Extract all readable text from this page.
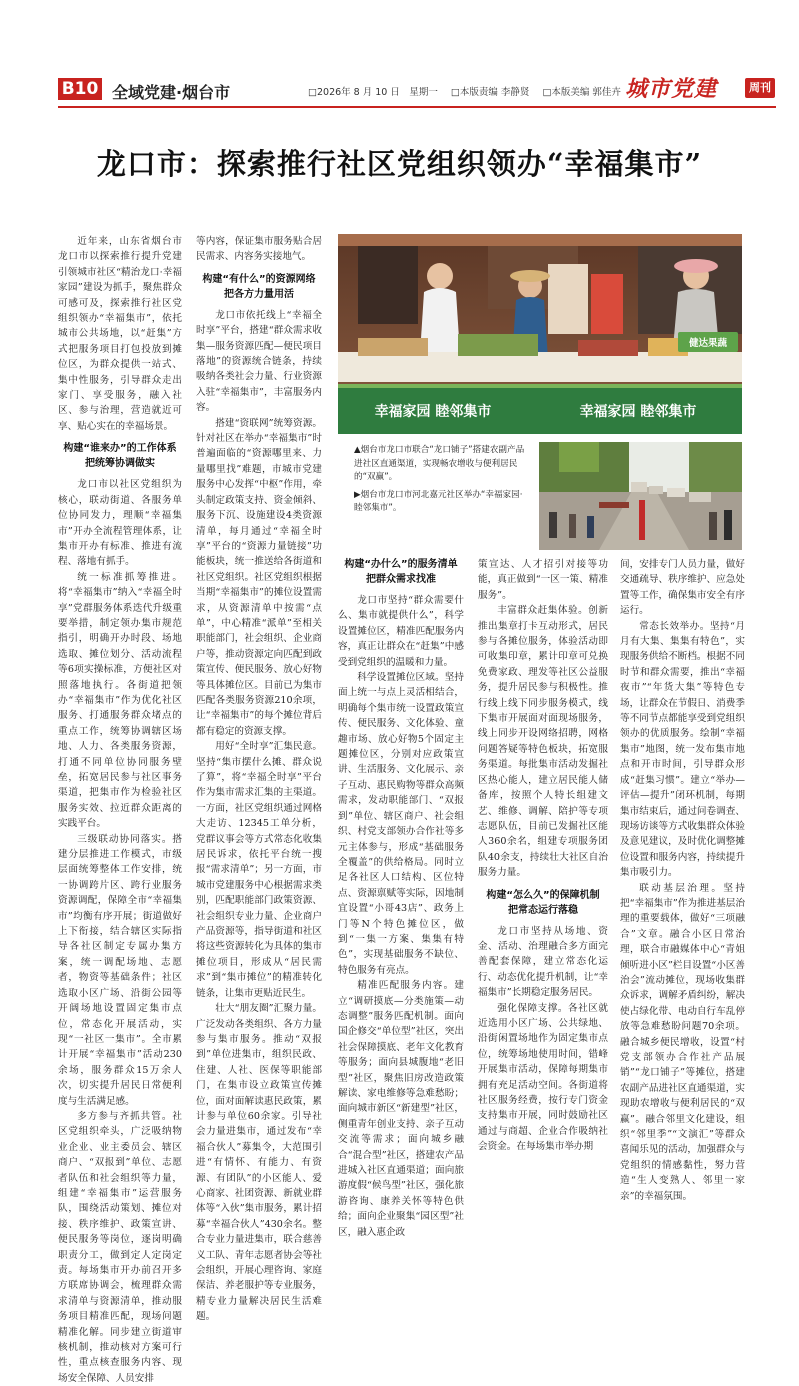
B10 全域党建·烟台市	□2026年 8 月 10 日　星期一 □本版责编 李静贤 □本版美编 郭佳卉 城市党建	周刊
龙口市：探索推行社区党组织领办“幸福集市”

近年来，山东省烟台市龙口市以探索推行提升党建引领城市社区“精治龙口·幸福家园”建设为抓手，聚焦群众可感可及，探索推行社区党组织领办“幸福集市”，依托城市公共场地，以“赶集”方式把服务项目打包投放到摊位区，为群众提供一站式、集中性服务，引导群众走出家门、享受服务，融入社区、参与治理，营造就近可享、贴心实在的幸福场景。

构建“谁来办”的工作体系　把统筹协调做实

龙口市以社区党组织为核心，联动街道、各服务单位协同发力，理顺“幸福集市”开办全流程管理体系，让集市开办有标准、推进有流程、落地有抓手。

统一标准抓筹推进。将“幸福集市”纳入“幸福全时享”党群服务体系迭代升级重要举措，制定领办集市规范指引，明确开办时段、场地选取、摊位划分、活动流程等6项实操标准，方便社区对照落地执行。各街道把领办“幸福集市”作为优化社区服务、打通服务群众堵点的重点工作，统筹协调辖区场地、人力、各类服务资源，打通不同单位协同服务壁垒，拓宽居民参与社区事务渠道，把集市作为检验社区服务实效、拉近群众距离的实践平台。

三级联动协同落实。搭建分层推进工作模式，市级层面统筹整体工作安排，统一协调跨片区、跨行业服务资源调配，保障全市“幸福集市”均衡有序开展；街道做好上下衔接，结合辖区实际指导各社区制定专属办集方案，统一调配场地、志愿者，物资等基础条件；社区选取小区广场、沿街公园等开阔场地设置固定集市点位，常态化开展活动，实现“一社区一集市”。全市累计开展“幸福集市”活动230余场，服务群众15万余人次，切实提升居民日常便利度与生活满足感。

多方参与齐抓共管。社区党组织牵头，广泛吸纳物业企业、业主委员会、辖区商户、“双报到”单位、志愿者队伍和社会组织等力量，组建“幸福集市”运营服务队，围绕活动策划、摊位对接、秩序维护、政策宣讲、便民服务等岗位，逐岗明确职责分工，做到定人定岗定责。每场集市开办前召开多方联席协调会，梳理群众需求清单与资源清单，推动服务项目精准匹配，现场问题精准化解。同步建立街道审核机制，推动核对方案可行性，重点核查服务内容、现场安全保障、人员安排

等内容，保证集市服务贴合居民需求、内容务实接地气。

构建“有什么”的资源网络　把各方力量用活

龙口市依托线上“幸福全时享”平台，搭建“群众需求收集—服务资源匹配—便民项目落地”的资源统合链条，持续吸纳各类社会力量、行业资源入驻“幸福集市”，丰富服务内容。

搭建“资联网”统筹资源。针对社区在举办“幸福集市”时普遍面临的“资源哪里来、力量哪里找”难题，市城市党建服务中心发挥“中枢”作用，牵头制定政策支持、资金倾斜、服务下沉、设施建设4类资源清单，每月通过“幸福全时享”平台的“资源力量链接”功能板块，统一推送给各街道和社区党组织。社区党组织根据当期“幸福集市”的摊位设置需求，从资源清单中按需“点单”，中心精准“派单”至相关职能部门，社会组织、企业商户等，推动资源定向匹配到政策宣传、便民服务、放心好物等具体摊位区。目前已为集市匹配各类服务资源210余项，让“幸福集市”的每个摊位背后都有稳定的资源支撑。

用好“全时享”汇集民意。坚持“集市摆什么摊、群众说了算”，将“幸福全时享”平台作为集市需求汇集的主渠道。一方面，社区党组织通过网格大走访、12345工单分析，党群议事会等方式常态化收集居民诉求，依托平台统一搜报“需求清单”；另一方面，市城市党建服务中心根据需求类别，匹配职能部门政策资源、社会组织专业力量、企业商户产品资源等，指导街道和社区将这些资源转化为具体的集市摊位项目，形成从“居民需求”到“集市摊位”的精准转化链条，让集市更贴近民生。

壮大“朋友圈”汇聚力量。广泛发动各类组织、各方力量参与集市服务。推动“双报到”单位进集市，组织民政、住建、人社、医保等职能部门，在集市设立政策宣传摊位，面对面解读惠民政策，累计参与单位60余家。引导社会力量进集市，通过发布“幸福合伙人”募集令，大范围引进“有情怀、有能力、有资源、有团队”的小区能人、爱心商家、社团资源、新就业群体等“入伙”集市服务，累计招募“幸福合伙人”430余名。整合专业力量进集市，联合慈善义工队、青年志愿者协会等社会组织，开展心理咨询、家庭保洁、养老服护等专业服务，精专业力量解决居民生活难题。

健达果蔬
幸福家园 睦邻集市	幸福家园 睦邻集市

▲烟台市龙口市联合“龙口铺子”搭建农副产品进社区直通渠道，实现畅农增收与便利居民的“双赢”。

▶烟台市龙口市河北嘉元社区举办“幸福家园·睦邻集市”。

构建“办什么”的服务清单　把群众需求找准

龙口市坚持“群众需要什么、集市就提供什么”，科学设置摊位区，精准匹配服务内容，真正让群众在“赶集”中感受到党组织的温暖和力量。

科学设置摊位区域。坚持面上统一与点上灵活相结合，明确每个集市统一设置政策宣传、便民服务、文化体验、童趣市场、放心好物5个固定主题摊位区，分别对应政策宣讲、生活服务、文化展示、亲子互动、惠民购物等群众高频需求，发动职能部门、“双报到”单位、辖区商户、社会组织、村党支部领办合作社等多元主体参与，形成“基础服务全覆盖”的供给格局。同时立足各社区人口结构、区位特点、资源禀赋等实际，因地制宜设置“小哥43店”、政务上门等N个特色摊位区，做到“一集一方案、集集有特色”，实现基础服务不缺位、特色服务有亮点。

精准匹配服务内容。建立“调研摸底—分类施策—动态调整”服务匹配机制。面向国企修交“单位型”社区，突出社会保障摸底、老年文化教育等服务；面向县城腹地“老旧型”社区，聚焦旧房改造政策解读、家电维修等急难愁盼；面向城市新区“新建型”社区，侧重青年创业支持、亲子互动交流等需求；面向城乡融合“混合型”社区，搭建农产品进城入社区直通渠道；面向旅游度假“候鸟型”社区，强化旅游咨询、康养关怀等特色供给；面向企业聚集“园区型”社区，融入惠企政

策宣达、人才招引对接等功能，真正做到“一区一策、精准服务”。

丰富群众赶集体验。创新推出集章打卡互动形式，居民参与各摊位服务，体验活动即可收集印章，累计印章可兑换免费家政、理发等社区公益服务，提升居民参与积极性。推行线上线下同步服务模式，线下集市开展面对面现场服务，线上同步开设网络招聘，网格问题答疑等特色板块，拓宽服务渠道。每批集市活动发掘社区热心能人，建立居民能人储备库，按照个人特长组建文艺、维修、调解、陪护等专项志愿队伍，目前已发掘社区能人360余名，组建专项服务团队40余支，持续壮大社区自治服务力量。

构建“怎么久”的保障机制　把常态运行落稳

龙口市坚持从场地、资金、活动、治理融合多方面完善配套保障，建立常态化运行、动态优化提升机制，让“幸福集市”长期稳定服务居民。

强化保障支撑。各社区就近选用小区广场、公共绿地、沿街闲置场地作为固定集市点位，统筹场地使用时间，错峰开展集市活动，保障每期集市拥有充足活动空间。各街道将社区服务经费，按行专门资金支持集市开展，同时鼓励社区通过与商超、企业合作吸纳社会资金。在每场集市举办期

间，安排专门人员力量，做好交通疏导、秩序维护、应急处置等工作，确保集市安全有序运行。

常态长效举办。坚持“月月有大集、集集有特色”，实现服务供给不断档。根据不同时节和群众需要，推出“幸福夜市”“年货大集”等特色专场，让群众在节假日、消费季等不同节点都能享受到党组织领办的优质服务。绘制“幸福集市”地图，统一发布集市地点和开市时间，引导群众形成“赶集习惯”。建立“举办—评估—提升”闭环机制，每期集市结束后，通过问卷调查、现场访谈等方式收集群众体验及意见建议，及时优化调整摊位设置和服务内容，持续提升集市吸引力。

联动基层治理。坚持把“幸福集市”作为推进基层治理的重要载体，做好“三项融合”文章。融合小区日常治理，联合市融媒体中心“青姐倾听进小区”栏目设置“小区善治会”流动摊位，现场收集群众诉求，调解矛盾纠纷，解决使占绿化带、电动自行车乱停放等急难愁盼问题70余项。融合城乡便民增收，设置“村党支部领办合作社产品展销”“龙口铺子”等摊位，搭建农副产品进社区直通渠道，实现助农增收与便利居民的“双赢”。融合邻里文化建设，组织“邻里季”“文演汇”等群众喜闻乐见的活动，加强群众与党组织的情感黏性，努力营造“生人变熟人、邻里一家亲”的幸福氛围。
